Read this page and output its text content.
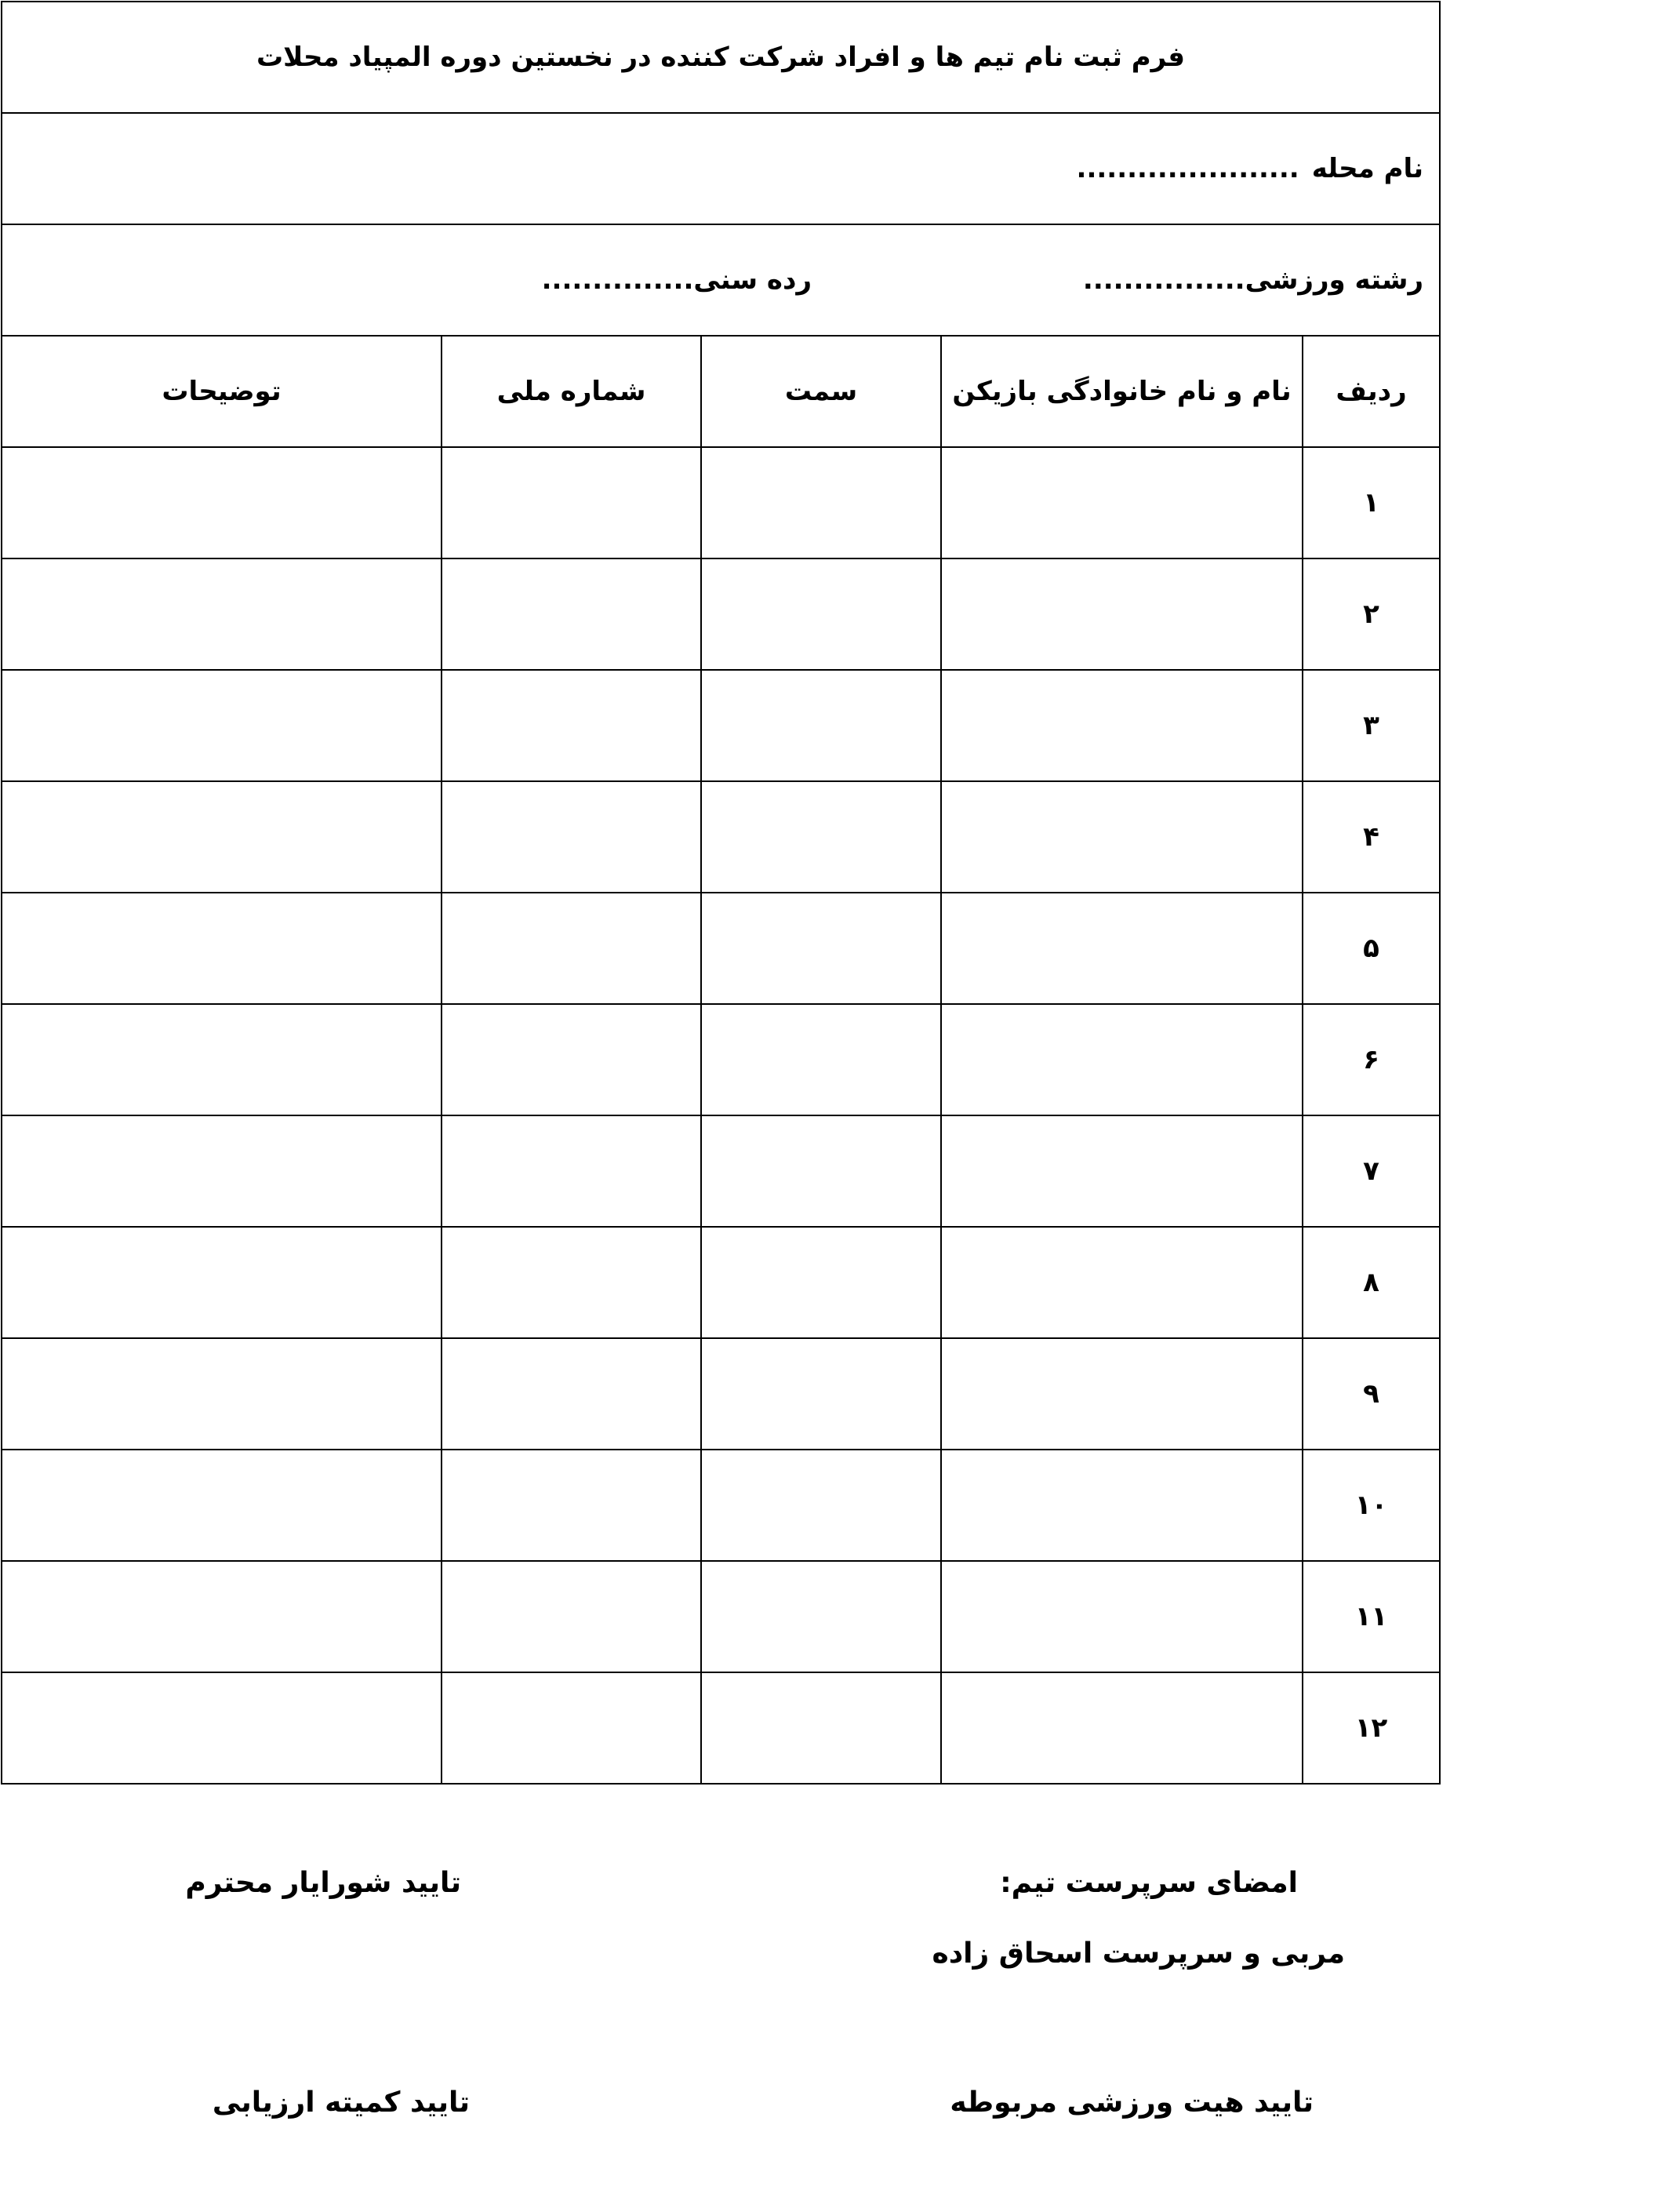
فرم ثبت نام تیم ها و افراد شرکت کننده در نخستین دوره المپیاد محلات				
نام محله......................				

رشته ورزشی................
رده سنی...............				

ردیف	نام و نام خانوادگی بازیکن	سمت	شماره ملی	توضیحات
۱				
۲				
۳				
۴				
۵				
۶				
۷				
۸				
۹				
۱۰				
۱۱				
۱۲				
امضای سرپرست تیم:
مربی و سرپرست اسحاق زاده
تایید شورایار محترم
تایید هیت ورزشی مربوطه
تایید کمیته ارزیابی
